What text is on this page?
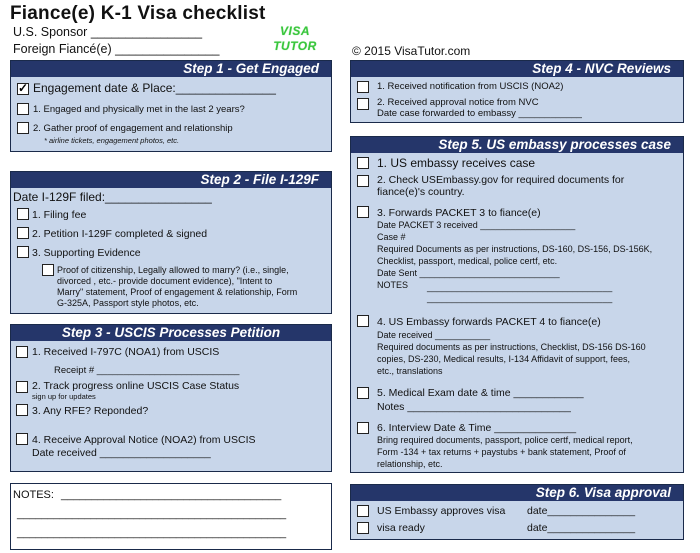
Fiance(e) K-1 Visa checklist
U.S. Sponsor ________________
Foreign Fiancé(e) _______________
VISA
TUTOR	© 2015 VisaTutor.com
Step 1 - Get Engaged
✓
Engagement date & Place:_______________
1. Engaged and physically met in the last 2 years?
2. Gather proof of engagement and relationship
* airline tickets, engagement photos, etc.
Step 2 - File I-129F
Date I-129F filed:________________
1. Filing fee
2. Petition I-129F completed & signed
3. Supporting Evidence
Proof of citizenship, Legally allowed to marry? (i.e., single,
divorced , etc.- provide document evidence), "Intent to
Marry" statement, Proof of engagement & relationship, Form
G-325A, Passport style photos, etc.
Step 3 - USCIS Processes Petition
1. Received I-797C (NOA1) from USCIS
Receipt # ___________________________
2. Track progress online USCIS Case Status
sign up for updates
3. Any RFE? Reponded?
4. Receive Approval Notice (NOA2) from USCIS
Date received ___________________
NOTES: ____________________________________
____________________________________________
____________________________________________
Step 4 - NVC Reviews
1. Received notification from USCIS (NOA2)
2. Received approval notice from NVC
Date case forwarded to embassy ____________
Step 5. US embassy processes case
1. US embassy receives case
2. Check USEmbassy.gov for required documents for
fiance(e)'s country.
3. Forwards PACKET 3 to fiance(e)
Date PACKET 3 received ___________________
Case #
Required Documents as per instructions, DS-160, DS-156, DS-156K,
Checklist, passport, medical, police certf, etc.
Date Sent ____________________________
NOTES _____________________________________
_____________________________________
4. US Embassy forwards PACKET 4 to fiance(e)
Date received ___________
Required documents as per instructions, Checklist, DS-156 DS-160
copies, DS-230, Medical results, I-134 Affidavit of support, fees,
etc., translations
5. Medical Exam date & time ____________
Notes ____________________________
6. Interview Date & Time ______________
Bring required documents, passport, police certf, medical report,
Form -134 + tax returns + paystubs + bank statement, Proof of
relationship, etc.
Step 6. Visa approval
US Embassy approves visa date_______________
visa ready	date_______________
